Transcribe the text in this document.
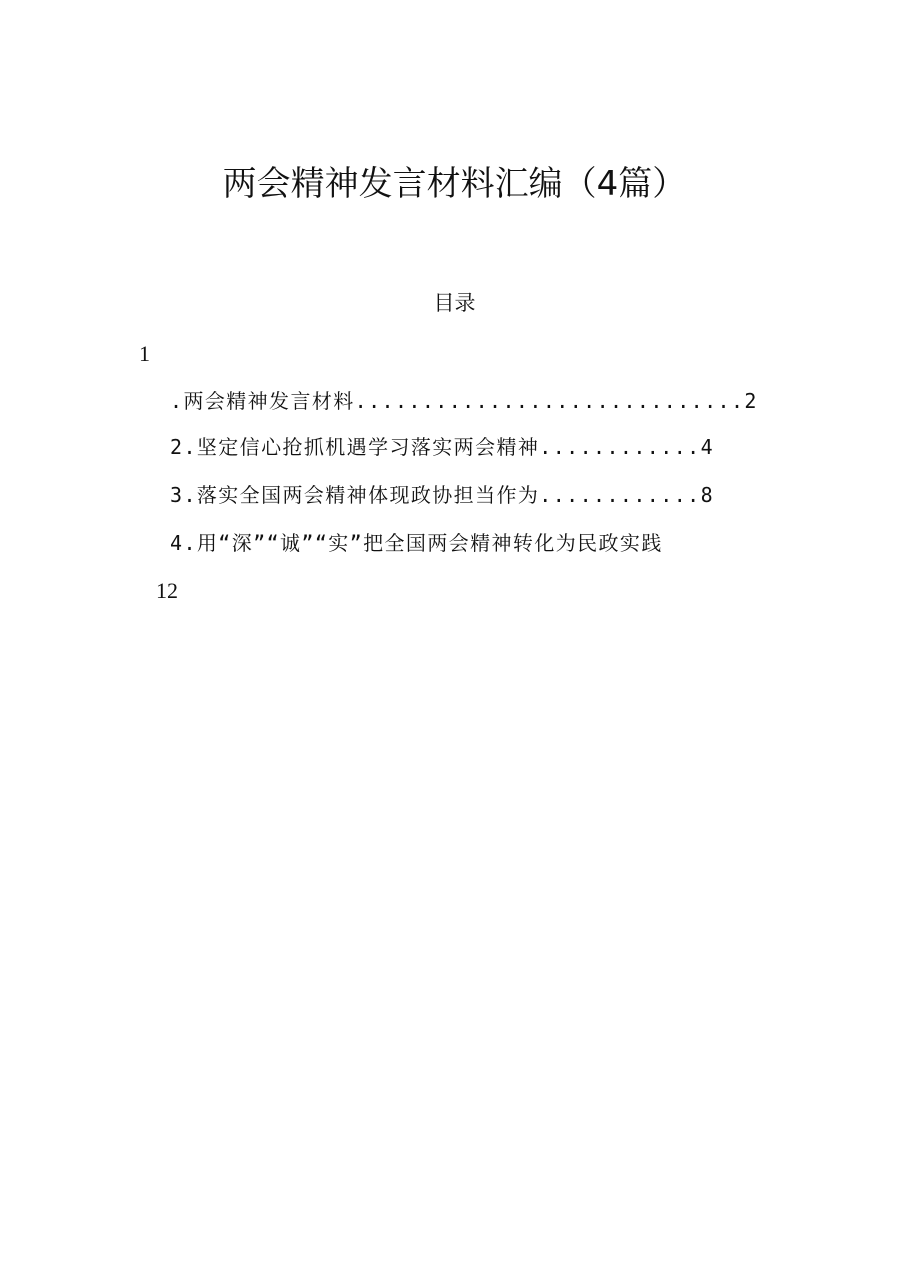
两会精神发言材料汇编（4篇）
目录
1
.两会精神发言材料.............................2
2.坚定信心抢抓机遇学习落实两会精神............4
3.落实全国两会精神体现政协担当作为............8
4.用“深”“诚”“实”把全国两会精神转化为民政实践
12
